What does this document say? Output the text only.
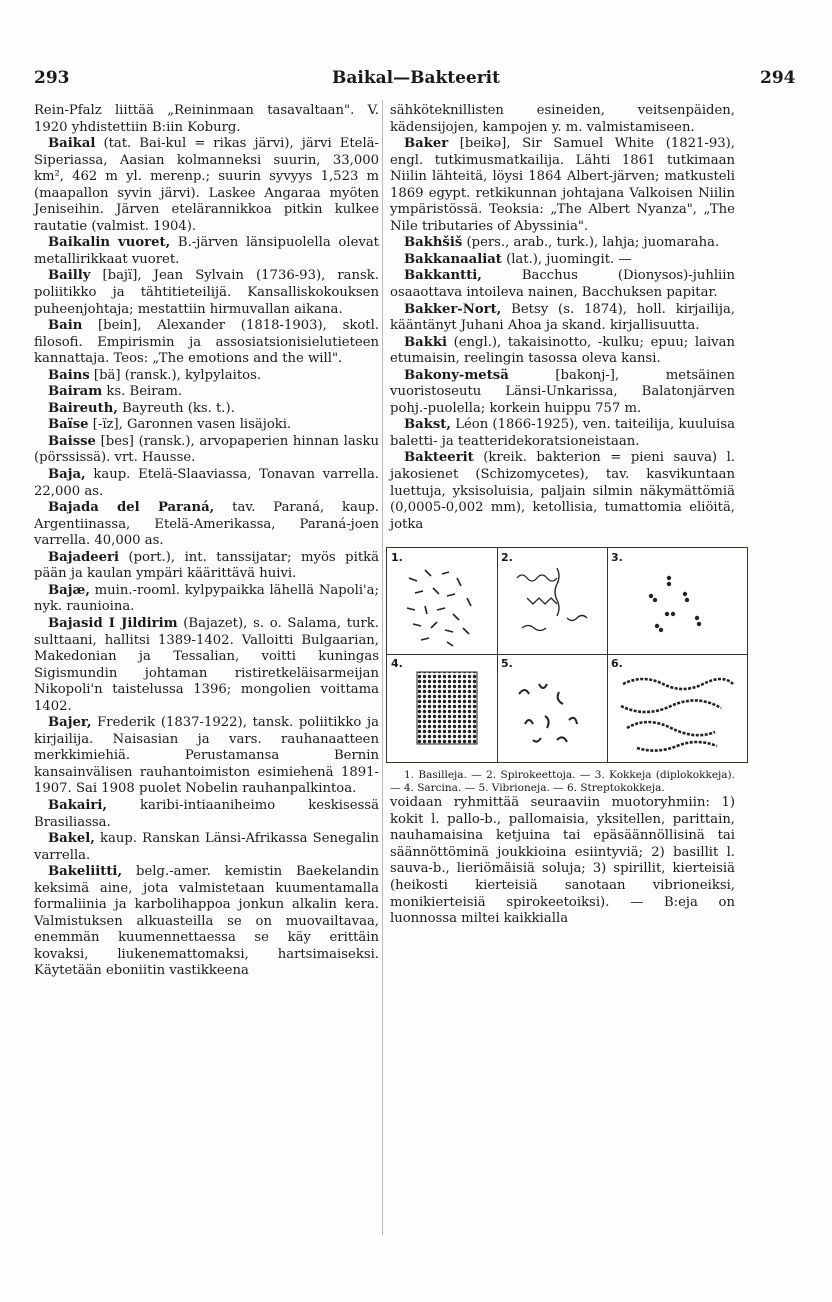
293	Baikal—Bakteerit	294

Rein-Pfalz liittää „Reininmaan tasavaltaan". V. 1920 yhdistettiin B:iin Koburg.

Baikal (tat. Bai-kul = rikas järvi), järvi Etelä-Siperiassa, Aasian kolmanneksi suurin, 33,000 km², 462 m yl. merenp.; suurin syvyys 1,523 m (maapallon syvin järvi). Laskee Angaraa myöten Jeniseihin. Järven etelärannikkoa pitkin kulkee rautatie (valmist. 1904).

Baikalin vuoret, B.-järven länsipuolella olevat metallirikkaat vuoret.

Bailly [bajï], Jean Sylvain (1736-93), ransk. poliitikko ja tähtitieteilijä. Kansalliskokouksen puheenjohtaja; mestattiin hirmuvallan aikana.

Bain [bein], Alexander (1818-1903), skotl. filosofi. Empirismin ja assosiatsionisielutieteen kannattaja. Teos: „The emotions and the will".

Bains [bä] (ransk.), kylpylaitos.

Bairam ks. Beiram.

Baireuth, Bayreuth (ks. t.).

Baïse [-ïz], Garonnen vasen lisäjoki.

Baisse [bes] (ransk.), arvopaperien hinnan lasku (pörssissä). vrt. Hausse.

Baja, kaup. Etelä-Slaaviassa, Tonavan varrella. 22,000 as.

Bajada del Paraná, tav. Paraná, kaup. Argentiinassa, Etelä-Amerikassa, Paraná-joen varrella. 40,000 as.

Bajadeeri (port.), int. tanssijatar; myös pitkä pään ja kaulan ympäri käärittävä huivi.

Bajæ, muin.-rooml. kylpypaikka lähellä Napoli'a; nyk. raunioina.

Bajasid I Jildirim (Bajazet), s. o. Salama, turk. sulttaani, hallitsi 1389-1402. Valloitti Bulgaarian, Makedonian ja Tessalian, voitti kuningas Sigismundin johtaman ristiretkeläisarmeijan Nikopoli'n taistelussa 1396; mongolien voittama 1402.

Bajer, Frederik (1837-1922), tansk. poliitikko ja kirjailija. Naisasian ja vars. rauhanaatteen merkkimiehiä. Perustamansa Bernin kansainvälisen rauhantoimiston esimiehenä 1891-1907. Sai 1908 puolet Nobelin rauhanpalkintoa.

Bakairi,	karibi-intiaaniheimo keskisessä Brasiliassa.

Bakel, kaup. Ranskan Länsi-Afrikassa Senegalin varrella.

Bakeliitti, belg.-amer. kemistin Baekelandin keksimä aine, jota valmistetaan kuumentamalla formaliinia ja karbolihappoa jonkun alkalin kera. Valmistuksen alkuasteilla se on muovailtavaa, enemmän kuumennettaessa se käy erittäin kovaksi, liukenemattomaksi, hartsimaiseksi. Käytetään eboniitin vastikkeena

sähköteknillisten esineiden, veitsenpäiden, kädensijojen, kampojen y. m. valmistamiseen.

Baker [beikə], Sir Samuel White (1821-93), engl. tutkimusmatkailija. Lähti 1861 tutkimaan Niilin lähteitä, löysi 1864 Albert-järven; matkusteli 1869 egypt. retkikunnan johtajana Valkoisen Niilin ympäristössä. Teoksia: „The Albert Nyanza", „The Nile tributaries of Abyssinia".

Bakhšiš (pers., arab., turk.), lahja; juomaraha.

Bakkanaaliat (lat.), juomingit. —

Bakkantti,	Bacchus (Dionysos)-juhliin osaaottava intoileva nainen, Bacchuksen papitar.

Bakker-Nort, Betsy (s. 1874), holl. kirjailija, kääntänyt Juhani Ahoa ja skand. kirjallisuutta.

Bakki (engl.), takaisinotto, -kulku; epuu; laivan etumaisin, reelingin tasossa oleva kansi.

Bakony-metsä	[bakonj-], metsäinen vuoristoseutu Länsi-Unkarissa, Balatonjärven pohj.-puolella; korkein huippu 757 m.

Bakst, Léon (1866-1925), ven. taiteilija, kuuluisa baletti- ja teatteridekoratsioneistaan.

Bakteerit (kreik. bakterion = pieni sauva) l. jakosienet (Schizomycetes), tav. kasvikuntaan luettuja, yksisoluisia, paljain silmin näkymättömiä (0,0005-0,002 mm), ketollisia, tumattomia eliöitä, jotka

1.	2.	3.
4.	5.	6.

1. Basilleja. — 2. Spirokeettoja. — 3. Kokkeja (diplokokkeja). — 4. Sarcina. — 5. Vibrioneja. — 6. Streptokokkeja.

voidaan ryhmittää seuraaviin muotoryhmiin: 1) kokit l. pallo-b., pallomaisia, yksitellen, parittain, nauhamaisina ketjuina tai epäsäännöllisinä tai säännöttöminä joukkioina esiintyviä; 2) basillit l. sauva-b., lieriömäisiä soluja; 3) spirillit, kierteisiä (heikosti kierteisiä sanotaan vibrioneiksi, monikierteisiä spirokeetoiksi). — B:eja on luonnossa miltei kaikkialla
